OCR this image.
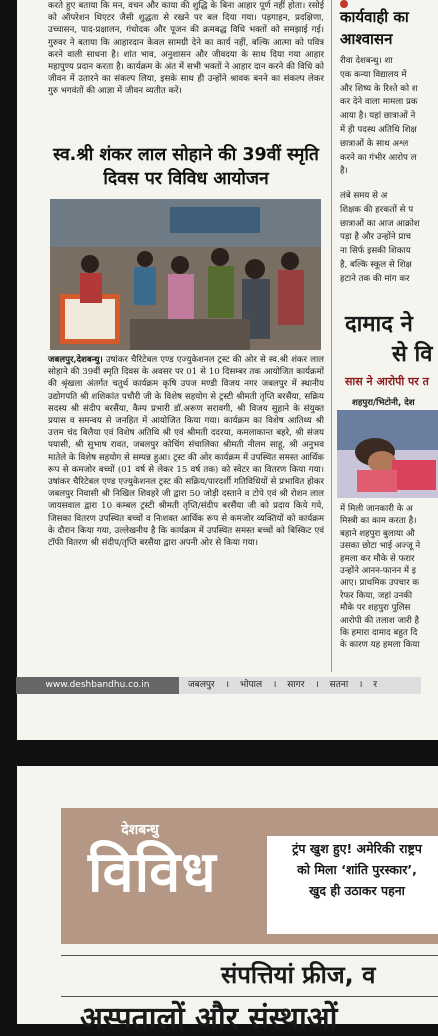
करते हुए बताया कि मन, वचन और काया की शुद्धि के बिना आहार पूर्ण नहीं होता। रसोई को ऑपरेशन थिएटर जैसी शुद्धता से रखने पर बल दिया गया। पड़गाहन, प्रदक्षिणा, उच्चासन, पाद-प्रक्षालन, गंधोदक और पूजन की क्रमबद्ध विधि भक्तों को समझाई गई। गुरुवर ने बताया कि आहारदान केवल सामग्री देने का कार्य नहीं, बल्कि आत्मा को पवित्र करने वाली साधना है। शांत भाव, अनुशासन और जीवदया के साथ दिया गया आहार महापुण्य प्रदान करता है। कार्यक्रम के अंत में सभी भक्तों ने आहार दान करने की विधि को जीवन में उतारने का संकल्प लिया, इसके साथ ही उन्होंने श्रावक बनने का संकल्प लेकर गुरु भगवंतों की आज्ञा में जीवन व्यतीत करें।

स्व.श्री शंकर लाल सोहाने की 39वीं स्मृति दिवस पर विविध आयोजन

जबलपुर,देशबन्धु। उषांकर चैरिटेबल एण्ड एज्युकेशनल ट्रस्ट की ओर से स्व.श्री शंकर लाल सोहाने की 39वीं स्मृति दिवस के अवसर पर 01 से 10 दिसम्बर तक आयोजित कार्यक्रमों की श्रृंखला अंतर्गत चतुर्थ कार्यक्रम कृषि उपज मण्डी विजय नगर जबलपुर में स्थानीय उद्योगपति श्री शशिकांत पचौरी जी के विशेष सहयोग से ट्रस्टी श्रीमती तृप्ति बरसैंया, सक्रिय सदस्य श्री संदीप बरसैंया, कैम्प प्रभारी डॉ.अरूण सरावगी, श्री विजय सुहाने के संयुक्त प्रयास व समन्वय से जनहित में आयोजित किया गया। कार्यक्रम का विशेष आतिथ्य श्री उत्तम चंद बिलैया एवं विशेष अतिथि श्री एवं श्रीमती ददरया, कमलाकान्त बहरे, श्री संजय पयासी, श्री सुभाष रावत, जबलपुर कोचिंग संचालिका श्रीमती नीलम साहू, श्री अनुभव मातेले के विशेष सहयोग से सम्पन्न हुआ। ट्रस्ट की ओर कार्यक्रम में उपस्थित समस्त आर्थिक रूप से कमजोर बच्चों (01 वर्ष से लेकर 15 वर्ष तक) को स्वेटर का वितरण किया गया। उषांकर चैरिटेबल एण्ड एज्युकेशनल ट्रस्ट की सक्रिय/पारदर्शी गतिविधियों से प्रभावित होकर जबलपुर निवासी श्री निखिल शिवहरे जी द्वारा 50 जोड़ी दस्ताने व टोपे एवं श्री रोशन लाल जायसवाल द्वारा 10 कम्बल ट्रस्टी श्रीमती तृप्ति/संदीप बरसैंया जी को प्रदाय किये गये, जिसका वितरण उपस्थित बच्चों व निःशक्त आर्थिक रूप से कमजोर व्यक्तियों को कार्यक्रम के दौरान किया गया, उल्लेखनीय है कि कार्यक्रम में उपस्थित समस्त बच्चों को बिस्किट एवं टॉफी वितरण श्री संदीप/तृप्ति बरसैंया द्वारा अपनी ओर से किया गया।

कार्यवाही का
आश्वासन
रीवा देशबन्धु। शा
एक कन्या विद्यालय में
और शिष्य के रिश्ते को श
कर देने वाला मामला प्रक
आया है। यहां छात्राओं ने
में ही पदस्थ अतिथि शिक्ष
छात्राओं के साथ अश्ल
करने का गंभीर आरोप ल
है।
लंबे समय से अ
शिक्षक की हरकतों से प
छात्राओं का आज आक्रोश
पड़ा है और उन्होंने प्राच
ना सिर्फ इसकी शिकाय
है, बल्कि स्कूल से शिक्ष
हटाने तक की मांग कर
दामाद ने
से वि
सास ने आरोपी पर त
शहपुरा/भिटोनी, देश
में मिली जानकारी के अ
मिस्त्री का काम करता है।
बहाने शहपुरा बुलाया औ
उसका छोटा भाई अज्जू ने
हमला कर मौके से फरार
उन्होंने आनन-फानन में इ
आए। प्राथमिक उपचार क
रेफर किया, जहां उनकी
मौके पर शहपुरा पुलिस
आरोपी की तलाश जारी है
कि हमारा दामाद बहुत दि
के कारण यह हमला किया
www.deshbandhu.co.in	जबलपुर । भोपाल । सागर । सतना । र
देशबन्धु
विविध	ट्रंप खुश हुए! अमेरिकी राष्ट्रप
को मिला ‘शांति पुरस्कार’,
खुद ही उठाकर पहना
संपत्तियां फ्रीज, व
अस्पतालों और संस्थाओं
